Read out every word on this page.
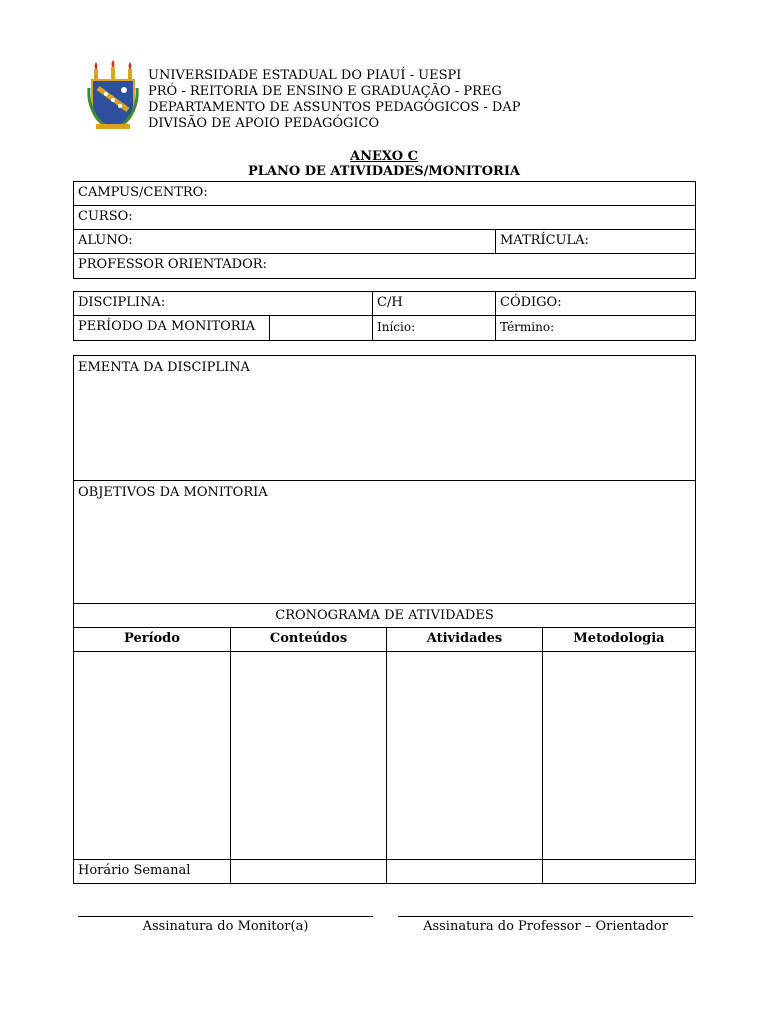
UNIVERSIDADE ESTADUAL DO PIAUÍ - UESPI
PRÓ - REITORIA DE ENSINO E GRADUAÇÃO - PREG
DEPARTAMENTO DE ASSUNTOS PEDAGÓGICOS - DAP
DIVISÃO DE APOIO PEDAGÓGICO
ANEXO C
PLANO DE ATIVIDADES/MONITORIA
CAMPUS/CENTRO:
CURSO:
ALUNO:	MATRÍCULA:
PROFESSOR ORIENTADOR:
DISCIPLINA:	C/H	CÓDIGO:
PERÍODO DA MONITORIA	Início:	Término:
EMENTA DA DISCIPLINA
OBJETIVOS DA MONITORIA
CRONOGRAMA DE ATIVIDADES
Período	Conteúdos	Atividades	Metodologia
Horário Semanal
Assinatura do Monitor(a)	Assinatura do Professor – Orientador
